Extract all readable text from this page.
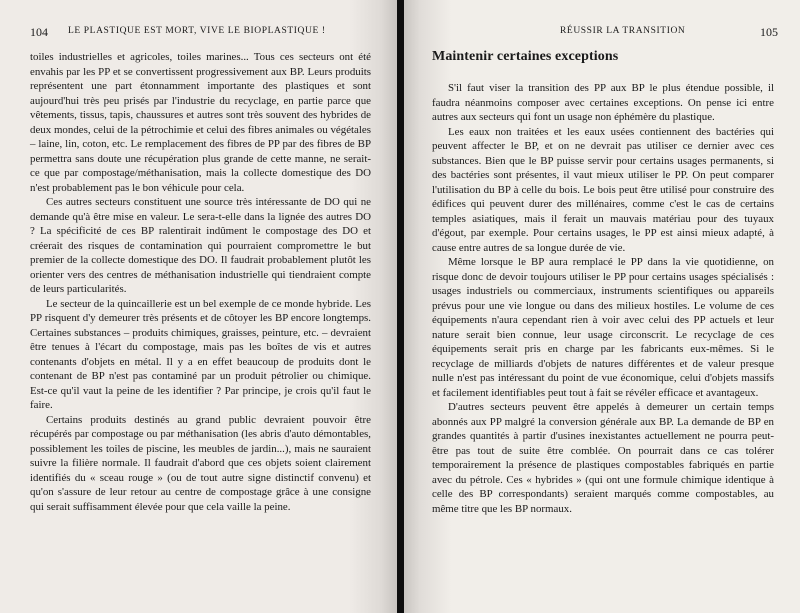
104 LE PLASTIQUE EST MORT, VIVE LE BIOPLASTIQUE !

toiles industrielles et agricoles, toiles marines... Tous ces secteurs ont été envahis par les PP et se convertissent progressivement aux BP. Leurs produits représentent une part étonnamment importante des plastiques et sont aujourd'hui très peu prisés par l'industrie du recyclage, en partie parce que vêtements, tissus, tapis, chaussures et autres sont très souvent des hybrides de deux mondes, celui de la pétrochimie et celui des fibres animales ou végétales – laine, lin, coton, etc. Le remplacement des fibres de PP par des fibres de BP permettra sans doute une récupération plus grande de cette manne, ne serait-ce que par compostage/méthanisation, mais la collecte domestique des DO n'est probablement pas le bon véhicule pour cela.

Ces autres secteurs constituent une source très intéressante de DO qui ne demande qu'à être mise en valeur. Le sera-t-elle dans la lignée des autres DO ? La spécificité de ces BP ralentirait indûment le compostage des DO et créerait des risques de contamination qui pourraient compromettre le but premier de la collecte domestique des DO. Il faudrait probablement plutôt les orienter vers des centres de méthanisation industrielle qui tiendraient compte de leurs particularités.

Le secteur de la quincaillerie est un bel exemple de ce monde hybride. Les PP risquent d'y demeurer très présents et de côtoyer les BP encore longtemps. Certaines substances – produits chimiques, graisses, peinture, etc. – devraient être tenues à l'écart du compostage, mais pas les boîtes de vis et autres contenants d'objets en métal. Il y a en effet beaucoup de produits dont le contenant de BP n'est pas contaminé par un produit pétrolier ou chimique. Est-ce qu'il vaut la peine de les identifier ? Par principe, je crois qu'il faut le faire.

Certains produits destinés au grand public devraient pouvoir être récupérés par compostage ou par méthanisation (les abris d'auto démontables, possiblement les toiles de piscine, les meubles de jardin...), mais ne sauraient suivre la filière normale. Il faudrait d'abord que ces objets soient clairement identifiés du « sceau rouge » (ou de tout autre signe distinctif convenu) et qu'on s'assure de leur retour au centre de compostage grâce à une consigne qui serait suffisamment élevée pour que cela vaille la peine.

RÉUSSIR LA TRANSITION	105
Maintenir certaines exceptions

S'il faut viser la transition des PP aux BP le plus étendue possible, il faudra néanmoins composer avec certaines exceptions. On pense ici entre autres aux secteurs qui font un usage non éphémère du plastique.

Les eaux non traitées et les eaux usées contiennent des bactéries qui peuvent affecter le BP, et on ne devrait pas utiliser ce dernier avec ces substances. Bien que le BP puisse servir pour certains usages permanents, si des bactéries sont présentes, il vaut mieux utiliser le PP. On peut comparer l'utilisation du BP à celle du bois. Le bois peut être utilisé pour construire des édifices qui peuvent durer des millénaires, comme c'est le cas de certains temples asiatiques, mais il ferait un mauvais matériau pour des tuyaux d'égout, par exemple. Pour certains usages, le PP est ainsi mieux adapté, à cause entre autres de sa longue durée de vie.

Même lorsque le BP aura remplacé le PP dans la vie quotidienne, on risque donc de devoir toujours utiliser le PP pour certains usages spécialisés : usages industriels ou commerciaux, instruments scientifiques ou appareils prévus pour une vie longue ou dans des milieux hostiles. Le volume de ces équipements n'aura cependant rien à voir avec celui des PP actuels et leur nature serait bien connue, leur usage circonscrit. Le recyclage de ces équipements serait pris en charge par les fabricants eux-mêmes. Si le recyclage de milliards d'objets de natures différentes et de valeur presque nulle n'est pas intéressant du point de vue économique, celui d'objets massifs et facilement identifiables peut tout à fait se révéler efficace et avantageux.

D'autres secteurs peuvent être appelés à demeurer un certain temps abonnés aux PP malgré la conversion générale aux BP. La demande de BP en grandes quantités à partir d'usines inexistantes actuellement ne pourra peut-être pas tout de suite être comblée. On pourrait dans ce cas tolérer temporairement la présence de plastiques compostables fabriqués en partie avec du pétrole. Ces « hybrides » (qui ont une formule chimique identique à celle des BP correspondants) seraient marqués comme compostables, au même titre que les BP normaux.
